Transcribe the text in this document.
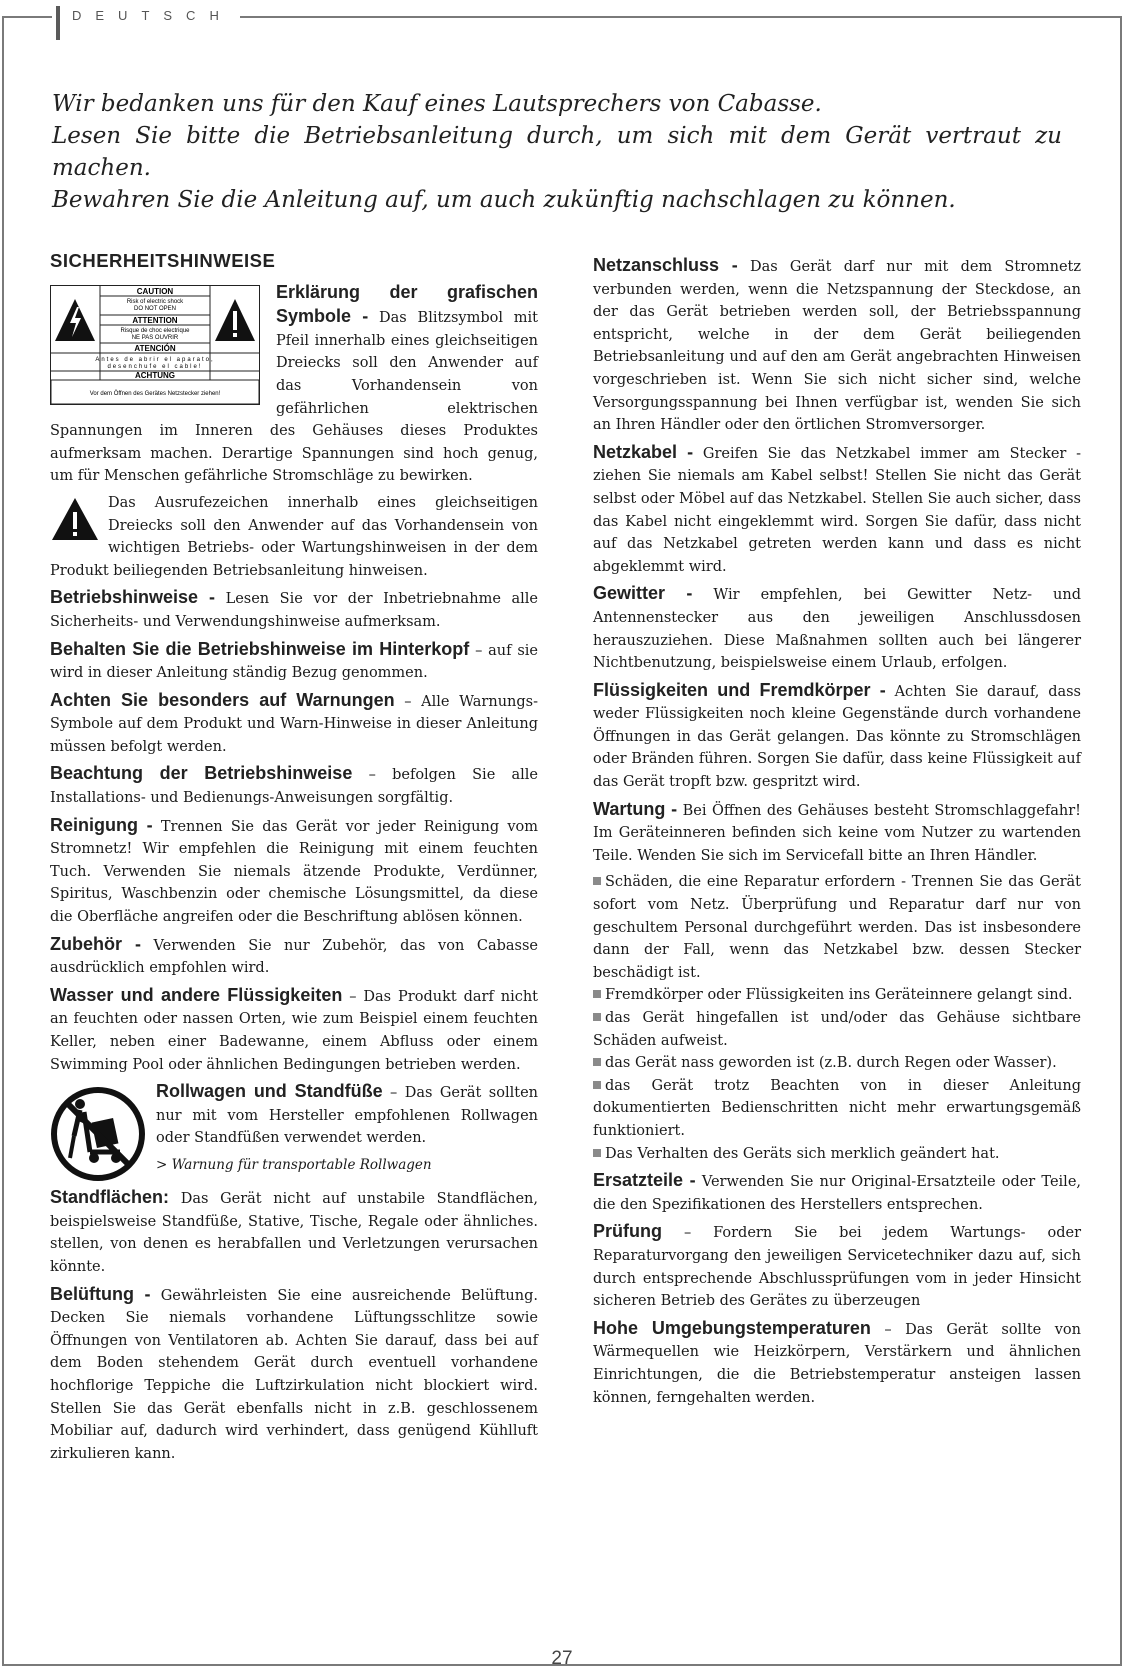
DEUTSCH

Wir bedanken uns für den Kauf eines Lautsprechers von Cabasse.

Lesen Sie bitte die Betriebsanleitung durch, um sich mit dem Gerät vertraut zu machen.

Bewahren Sie die Anleitung auf, um auch zukünftig nachschlagen zu können.

SICHERHEITSHINWEISE
CAUTION
Risk of electric shock
DO NOT OPEN
ATTENTION
Risque de choc electrique
NE PAS OUVRIR
ATENCIÓN
Antes de abrir el aparato,
desenchufe el cable!
ACHTUNG
Vor dem Öffnen des Gerätes Netzstecker ziehen!

Erklärung der grafischen Symbole - Das Blitzsymbol mit Pfeil innerhalb eines gleichseitigen Dreiecks soll den Anwender auf das Vorhandensein von gefährlichen elektrischen Spannungen im Inneren des Gehäuses dieses Produktes aufmerksam machen. Derartige Spannungen sind hoch genug, um für Menschen gefährliche Stromschläge zu bewirken.

Das Ausrufezeichen innerhalb eines gleichseitigen Dreiecks soll den Anwender auf das Vorhandensein von wichtigen Betriebs- oder Wartungshinweisen in der dem Produkt beiliegenden Betriebsanleitung hinweisen.

Betriebshinweise - Lesen Sie vor der Inbetriebnahme alle Sicherheits- und Verwendungshinweise aufmerksam.

Behalten Sie die Betriebshinweise im Hinterkopf – auf sie wird in dieser Anleitung ständig Bezug genommen.

Achten Sie besonders auf Warnungen – Alle Warnungs-Symbole auf dem Produkt und Warn-Hinweise in dieser Anleitung müssen befolgt werden.

Beachtung der Betriebshinweise – befolgen Sie alle Installations- und Bedienungs-Anweisungen sorgfältig.

Reinigung - Trennen Sie das Gerät vor jeder Reinigung vom Stromnetz! Wir empfehlen die Reinigung mit einem feuchten Tuch. Verwenden Sie niemals ätzende Produkte, Verdünner, Spiritus, Waschbenzin oder chemische Lösungsmittel, da diese die Oberfläche angreifen oder die Beschriftung ablösen können.

Zubehör - Verwenden Sie nur Zubehör, das von Cabasse ausdrücklich empfohlen wird.

Wasser und andere Flüssigkeiten – Das Produkt darf nicht an feuchten oder nassen Orten, wie zum Beispiel einem feuchten Keller, neben einer Badewanne, einem Abfluss oder einem Swimming Pool oder ähnlichen Bedingungen betrieben werden.

Rollwagen und Standfüße – Das Gerät sollten nur mit vom Hersteller empfohlenen Rollwagen oder Standfüßen verwendet werden.

> Warnung für transportable Rollwagen

Standflächen: Das Gerät nicht auf unstabile Standflächen, beispielsweise Standfüße, Stative, Tische, Regale oder ähnliches. stellen, von denen es herabfallen und Verletzungen verursachen könnte.

Belüftung - Gewährleisten Sie eine ausreichende Belüftung. Decken Sie niemals vorhandene Lüftungsschlitze sowie Öffnungen von Ventilatoren ab. Achten Sie darauf, dass bei auf dem Boden stehendem Gerät durch eventuell vorhandene hochflorige Teppiche die Luftzirkulation nicht blockiert wird. Stellen Sie das Gerät ebenfalls nicht in z.B. geschlossenem Mobiliar auf, dadurch wird verhindert, dass genügend Kühlluft zirkulieren kann.

Netzanschluss - Das Gerät darf nur mit dem Stromnetz verbunden werden, wenn die Netzspannung der Steckdose, an der das Gerät betrieben werden soll, der Betriebsspannung entspricht, welche in der dem Gerät beiliegenden Betriebsanleitung und auf den am Gerät angebrachten Hinweisen vorgeschrieben ist. Wenn Sie sich nicht sicher sind, welche Versorgungsspannung bei Ihnen verfügbar ist, wenden Sie sich an Ihren Händler oder den örtlichen Stromversorger.

Netzkabel - Greifen Sie das Netzkabel immer am Stecker - ziehen Sie niemals am Kabel selbst! Stellen Sie nicht das Gerät selbst oder Möbel auf das Netzkabel. Stellen Sie auch sicher, dass das Kabel nicht eingeklemmt wird. Sorgen Sie dafür, dass nicht auf das Netzkabel getreten werden kann und dass es nicht abgeklemmt wird.

Gewitter - Wir empfehlen, bei Gewitter Netz- und Antennenstecker aus den jeweiligen Anschlussdosen herauszuziehen. Diese Maßnahmen sollten auch bei längerer Nichtbenutzung, beispielsweise einem Urlaub, erfolgen.

Flüssigkeiten und Fremdkörper - Achten Sie darauf, dass weder Flüssigkeiten noch kleine Gegenstände durch vorhandene Öffnungen in das Gerät gelangen. Das könnte zu Stromschlägen oder Bränden führen. Sorgen Sie dafür, dass keine Flüssigkeit auf das Gerät tropft bzw. gespritzt wird.

Wartung - Bei Öffnen des Gehäuses besteht Stromschlaggefahr! Im Geräteinneren befinden sich keine vom Nutzer zu wartenden Teile. Wenden Sie sich im Servicefall bitte an Ihren Händler.

Schäden, die eine Reparatur erfordern - Trennen Sie das Gerät sofort vom Netz. Überprüfung und Reparatur darf nur von geschultem Personal durchgeführt werden. Das ist insbesondere dann der Fall, wenn das Netzkabel bzw. dessen Stecker beschädigt ist.

Fremdkörper oder Flüssigkeiten ins Geräteinnere gelangt sind.

das Gerät hingefallen ist und/oder das Gehäuse sichtbare Schäden aufweist.

das Gerät nass geworden ist (z.B. durch Regen oder Wasser).

das Gerät trotz Beachten von in dieser Anleitung dokumentierten Bedienschritten nicht mehr erwartungsgemäß funktioniert.

Das Verhalten des Geräts sich merklich geändert hat.

Ersatzteile - Verwenden Sie nur Original-Ersatzteile oder Teile, die den Spezifikationen des Herstellers entsprechen.

Prüfung – Fordern Sie bei jedem Wartungs- oder Reparaturvorgang den jeweiligen Servicetechniker dazu auf, sich durch entsprechende Abschlussprüfungen vom in jeder Hinsicht sicheren Betrieb des Gerätes zu überzeugen

Hohe Umgebungstemperaturen – Das Gerät sollte von Wärmequellen wie Heizkörpern, Verstärkern und ähnlichen Einrichtungen, die die Betriebstemperatur ansteigen lassen können, ferngehalten werden.

27
